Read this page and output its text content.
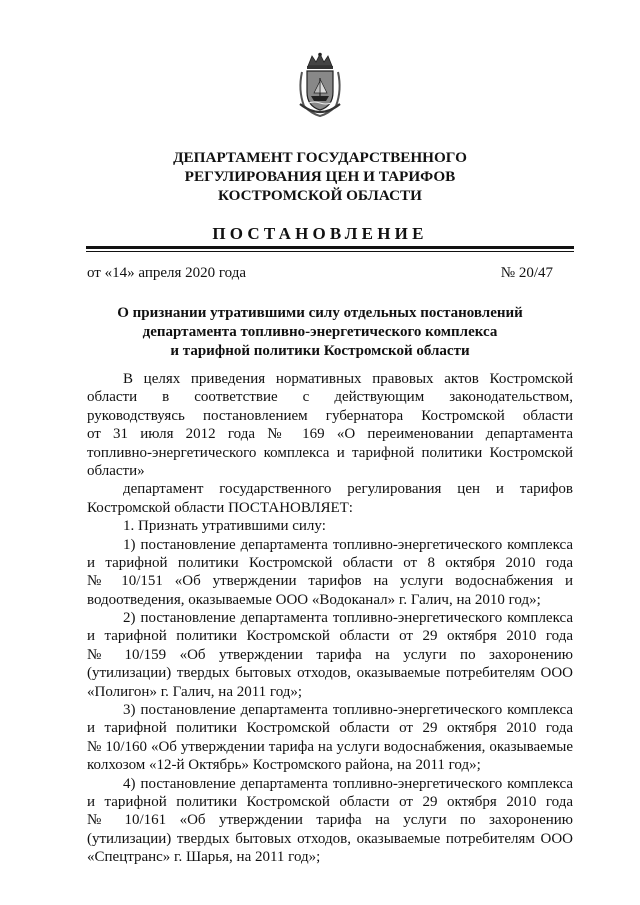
ДЕПАРТАМЕНТ ГОСУДАРСТВЕННОГО
РЕГУЛИРОВАНИЯ ЦЕН И ТАРИФОВ
КОСТРОМСКОЙ ОБЛАСТИ
ПОСТАНОВЛЕНИЕ
от «14» апреля 2020 года	№ 20/47
О признании утратившими силу отдельных постановлений
департамента топливно-энергетического комплекса
и тарифной политики Костромской области
В целях приведения нормативных правовых актов Костромской
области в соответствие с действующим законодательством,
руководствуясь постановлением губернатора Костромской области
от 31 июля 2012 года № 169 «О переименовании департамента
топливно-энергетического комплекса и тарифной политики Костромской
области»
департамент государственного регулирования цен и тарифов
Костромской области ПОСТАНОВЛЯЕТ:
1. Признать утратившими силу:
1) постановление департамента топливно-энергетического комплекса
и тарифной политики Костромской области от 8 октября 2010 года
№ 10/151 «Об утверждении тарифов на услуги водоснабжения и
водоотведения, оказываемые ООО «Водоканал» г. Галич, на 2010 год»;
2) постановление департамента топливно-энергетического комплекса
и тарифной политики Костромской области от 29 октября 2010 года
№ 10/159 «Об утверждении тарифа на услуги по захоронению
(утилизации) твердых бытовых отходов, оказываемые потребителям ООО
«Полигон» г. Галич, на 2011 год»;
3) постановление департамента топливно-энергетического комплекса
и тарифной политики Костромской области от 29 октября 2010 года
№ 10/160 «Об утверждении тарифа на услуги водоснабжения, оказываемые
колхозом «12-й Октябрь» Костромского района, на 2011 год»;
4) постановление департамента топливно-энергетического комплекса
и тарифной политики Костромской области от 29 октября 2010 года
№ 10/161 «Об утверждении тарифа на услуги по захоронению
(утилизации) твердых бытовых отходов, оказываемые потребителям ООО
«Спецтранс» г. Шарья, на 2011 год»;
